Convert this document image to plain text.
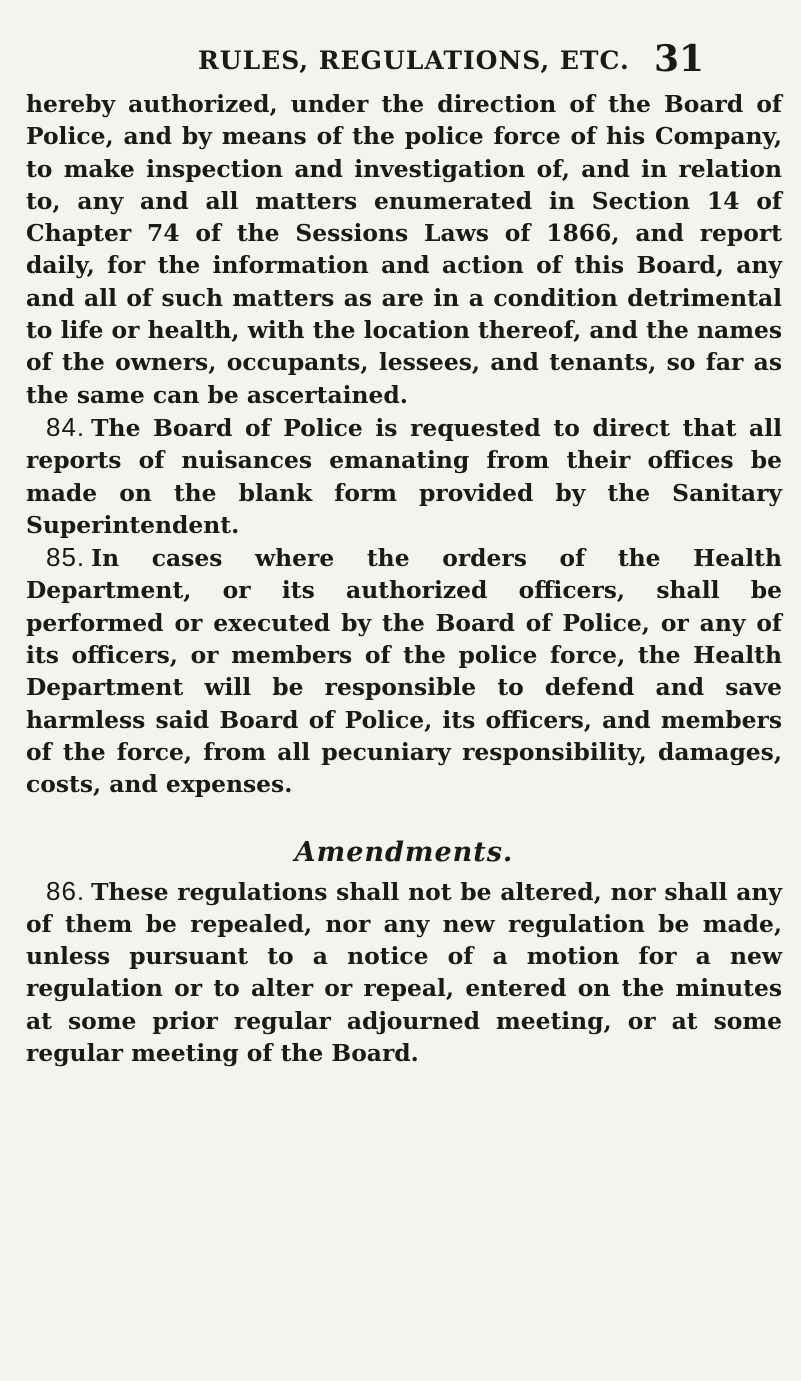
RULES, REGULATIONS, ETC. 31

hereby authorized, under the direction of the Board of Police, and by means of the police force of his Company, to make inspection and investigation of, and in relation to, any and all matters enumerated in Section 14 of Chapter 74 of the Sessions Laws of 1866, and report daily, for the information and action of this Board, any and all of such matters as are in a condition detrimental to life or health, with the location thereof, and the names of the owners, occupants, lessees, and tenants, so far as the same can be ascertained.

84. The Board of Police is requested to direct that all reports of nuisances emanating from their offices be made on the blank form provided by the Sanitary Superintendent.

85. In cases where the orders of the Health Department, or its authorized officers, shall be performed or executed by the Board of Police, or any of its officers, or members of the police force, the Health Department will be responsible to defend and save harmless said Board of Police, its officers, and members of the force, from all pecuniary responsibility, damages, costs, and expenses.

Amendments.

86. These regulations shall not be altered, nor shall any of them be repealed, nor any new regulation be made, unless pursuant to a notice of a motion for a new regulation or to alter or repeal, entered on the minutes at some prior regular adjourned meeting, or at some regular meeting of the Board.
